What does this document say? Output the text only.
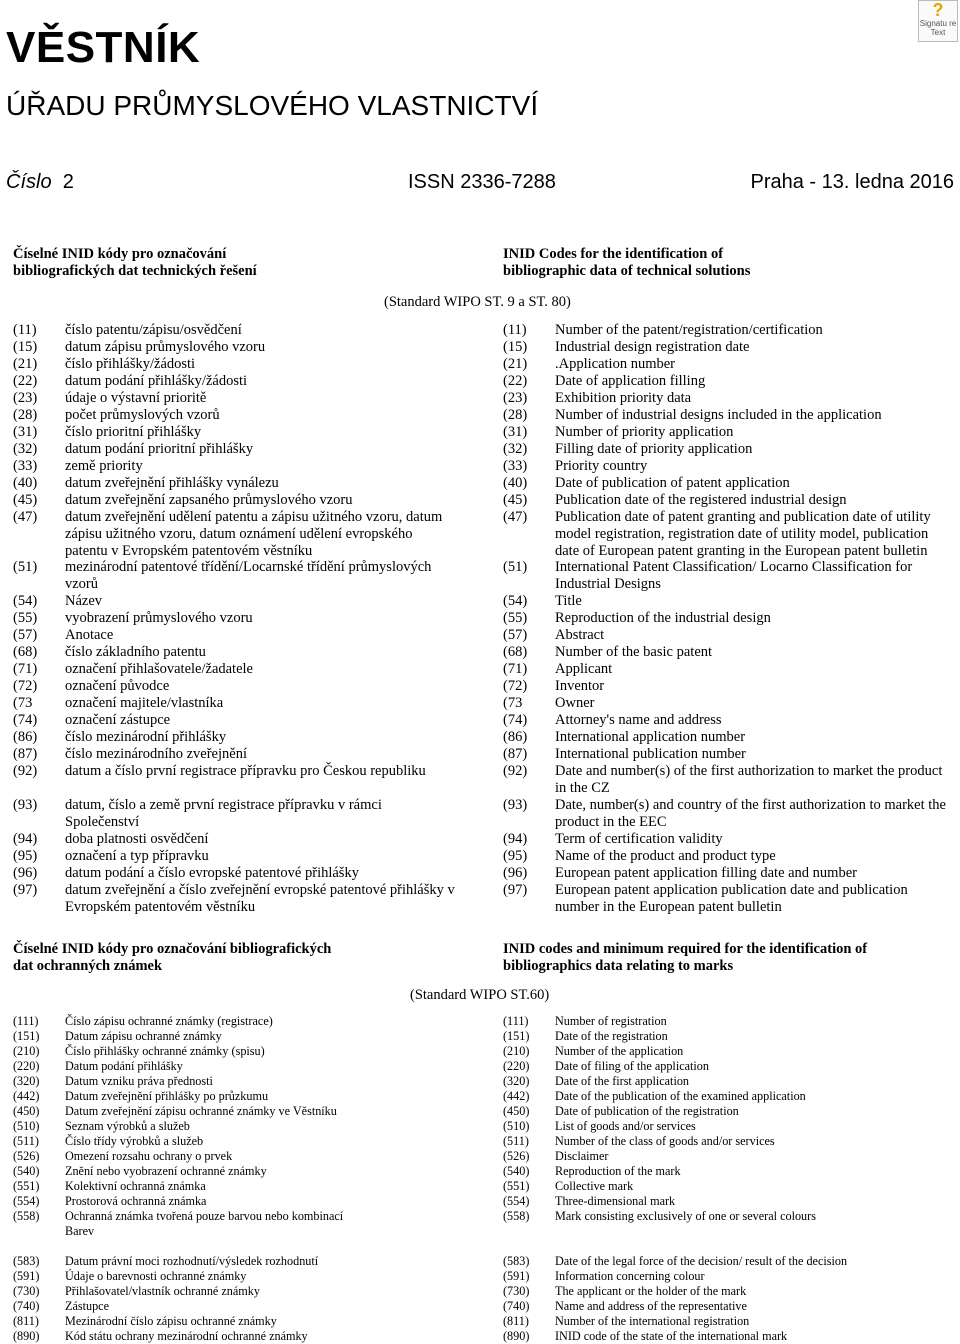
VĚSTNÍK
ÚŘADU PRŮMYSLOVÉHO VLASTNICTVÍ
Číslo 2	ISSN 2336-7288	Praha - 13. ledna 2016
?
Signatu re Text
Číselné INID kódy pro označování
bibliografických dat technických řešení
INID Codes for the identification of
bibliographic data of technical solutions
(Standard WIPO ST. 9 a ST. 80)
(11)	číslo patentu/zápisu/osvědčení
(15)	datum zápisu průmyslového vzoru
(21)	číslo přihlášky/žádosti
(22)	datum podání přihlášky/žádosti
(23)	údaje o výstavní prioritě
(28)	počet průmyslových vzorů
(31)	číslo prioritní přihlášky
(32)	datum podání prioritní přihlášky
(33)	země priority
(40)	datum zveřejnění přihlášky vynálezu
(45)	datum zveřejnění zapsaného průmyslového vzoru
(47)	datum zveřejnění udělení patentu a zápisu užitného vzoru, datum zápisu užitného vzoru, datum oznámení udělení evropského patentu v Evropském patentovém věstníku
(51)	mezinárodní patentové třídění/Locarnské třídění průmyslových vzorů
(54)	Název
(55)	vyobrazení průmyslového vzoru
(57)	Anotace
(68)	číslo základního patentu
(71)	označení přihlašovatele/žadatele
(72)	označení původce
(73	označení majitele/vlastníka
(74)	označení zástupce
(86)	číslo mezinárodní přihlášky
(87)	číslo mezinárodního zveřejnění
(92)	datum a číslo první registrace přípravku pro Českou republiku
(93)	datum, číslo a země první registrace přípravku v rámci Společenství
(94)	doba platnosti osvědčení
(95)	označení a typ přípravku
(96)	datum podání a číslo evropské patentové přihlášky
(97)	datum zveřejnění a číslo zveřejnění evropské patentové přihlášky v Evropském patentovém věstníku
(11)	Number of the patent/registration/certification
(15)	Industrial design registration date
(21)	.Application number
(22)	Date of application filling
(23)	Exhibition priority data
(28)	Number of industrial designs included in the application
(31)	Number of priority application
(32)	Filling date of priority application
(33)	Priority country
(40)	Date of publication of patent application
(45)	Publication date of the registered industrial design
(47)	Publication date of patent granting and publication date of utility model registration, registration date of utility model, publication date of European patent granting in the European patent bulletin
(51)	International Patent Classification/ Locarno Classification for Industrial Designs
(54)	Title
(55)	Reproduction of the industrial design
(57)	Abstract
(68)	Number of the basic patent
(71)	Applicant
(72)	Inventor
(73	Owner
(74)	Attorney's name and address
(86)	International application number
(87)	International publication number
(92)	Date and number(s) of the first authorization to market the product in the CZ
(93)	Date, number(s) and country of the first authorization to market the product in the EEC
(94)	Term of certification validity
(95)	Name of the product and product type
(96)	European patent application filling date and number
(97)	European patent application publication date and publication number in the European patent bulletin
Číselné INID kódy pro označování bibliografických
dat ochranných známek
INID codes and minimum required for the identification of
bibliographics data relating to marks
(Standard WIPO ST.60)
(111)	Číslo zápisu ochranné známky (registrace)
(151)	Datum zápisu ochranné známky
(210)	Číslo přihlášky ochranné známky (spisu)
(220)	Datum podání přihlášky
(320)	Datum vzniku práva přednosti
(442)	Datum zveřejnění přihlášky po průzkumu
(450)	Datum zveřejnění zápisu ochranné známky ve Věstníku
(510)	Seznam výrobků a služeb
(511)	Číslo třídy výrobků a služeb
(526)	Omezení rozsahu ochrany o prvek
(540)	Znění nebo vyobrazení ochranné známky
(551)	Kolektivní ochranná známka
(554)	Prostorová ochranná známka
(558)	Ochranná známka tvořená pouze barvou nebo kombinací Barev
(583)	Datum právní moci rozhodnutí/výsledek rozhodnutí
(591)	Údaje o barevnosti ochranné známky
(730)	Přihlašovatel/vlastník ochranné známky
(740)	Zástupce
(811)	Mezinárodní číslo zápisu ochranné známky
(890)	Kód státu ochrany mezinárodní ochranné známky
(111)	Number of registration
(151)	Date of the registration
(210)	Number of the application
(220)	Date of filing of the application
(320)	Date of the first application
(442)	Date of the publication of the examined application
(450)	Date of publication of the registration
(510)	List of goods and/or services
(511)	Number of the class of goods and/or services
(526)	Disclaimer
(540)	Reproduction of the mark
(551)	Collective mark
(554)	Three-dimensional mark
(558)	Mark consisting exclusively of one or several colours
(583)	Date of the legal force of the decision/ result of the decision
(591)	Information concerning colour
(730)	The applicant or the holder of the mark
(740)	Name and address of the representative
(811)	Number of the international registration
(890)	INID code of the state of the international mark
